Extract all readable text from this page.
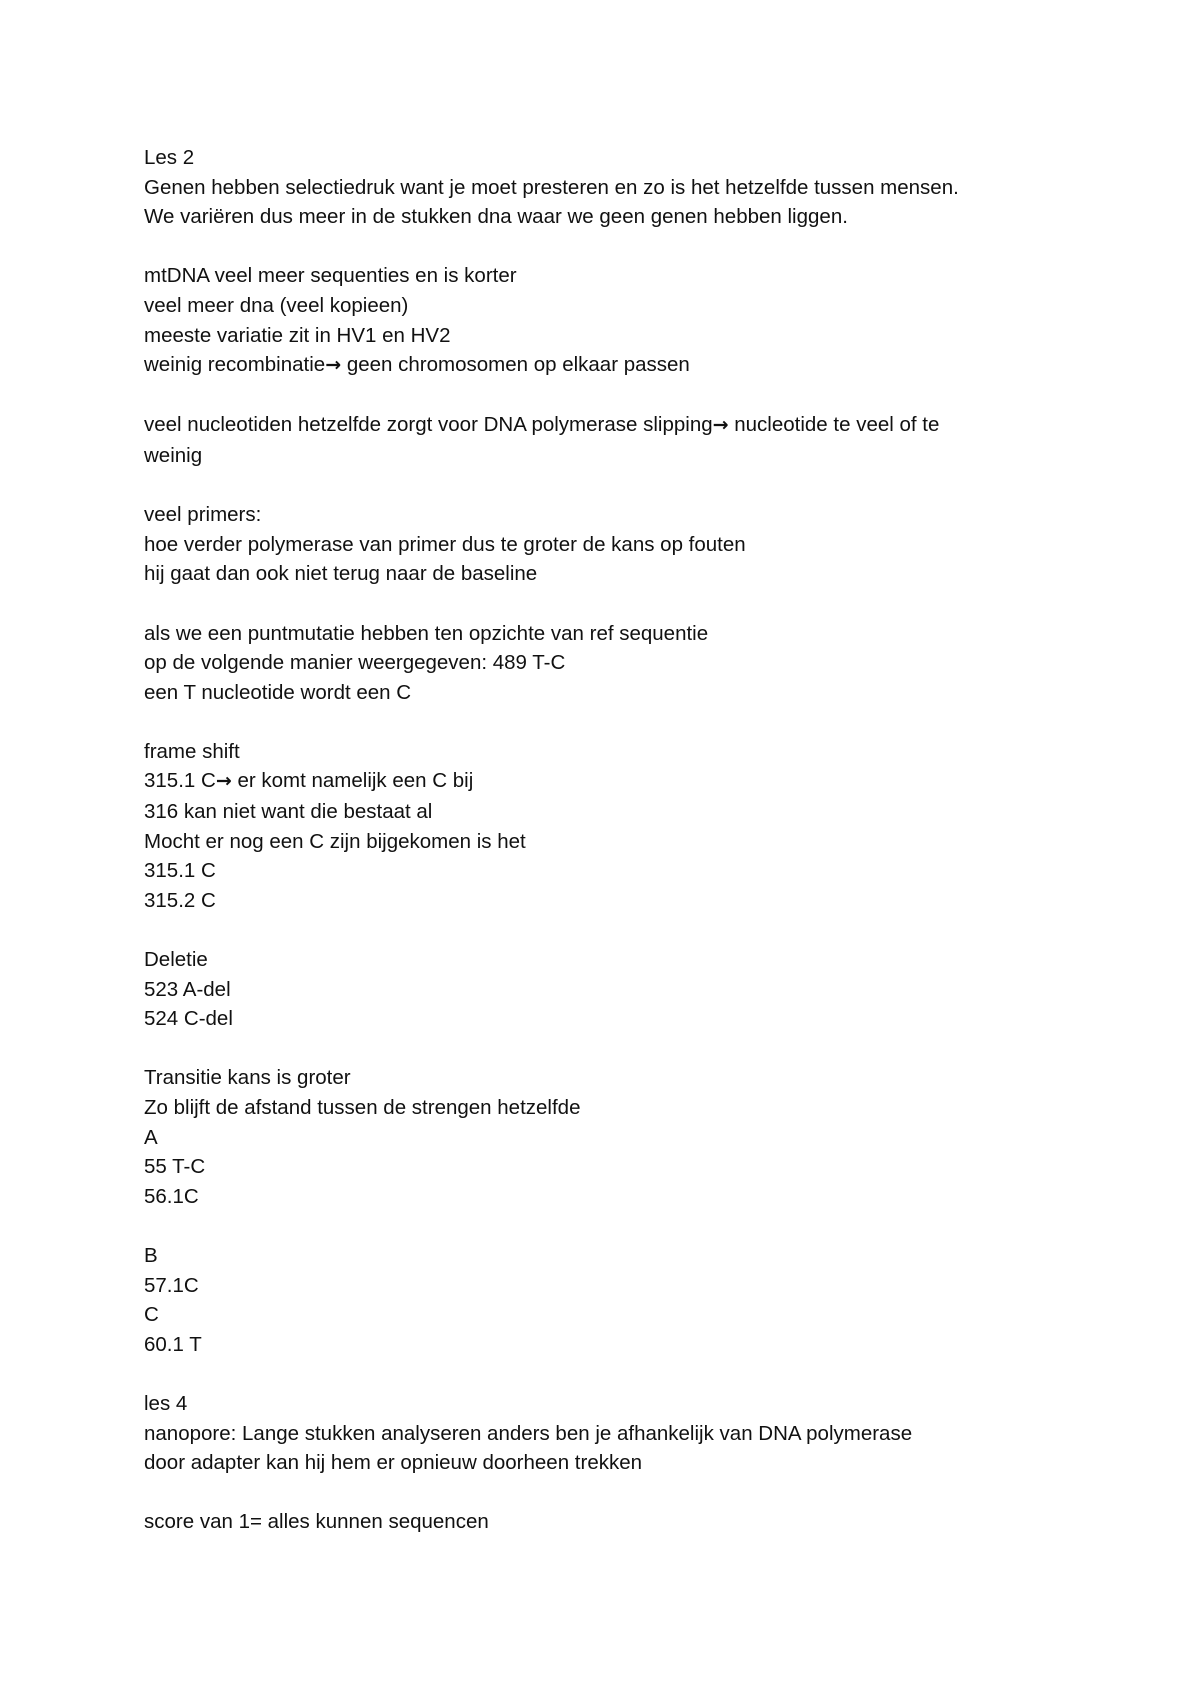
Les 2
Genen hebben selectiedruk want je moet presteren en zo is het hetzelfde tussen mensen.
We variëren dus meer in de stukken dna waar we geen genen hebben liggen.
mtDNA veel meer sequenties en is korter
veel meer dna (veel kopieen)
meeste variatie zit in HV1 en HV2
weinig recombinatie→ geen chromosomen op elkaar passen
veel nucleotiden hetzelfde zorgt voor DNA polymerase slipping→ nucleotide te veel of te
weinig
veel primers:
hoe verder polymerase van primer dus te groter de kans op fouten
hij gaat dan ook niet terug naar de baseline
als we een puntmutatie hebben ten opzichte van ref sequentie
op de volgende manier weergegeven: 489 T-C
een T nucleotide wordt een C
frame shift
315.1 C→ er komt namelijk een C bij
316 kan niet want die bestaat al
Mocht er nog een C zijn bijgekomen is het
315.1 C
315.2 C
Deletie
523 A-del
524 C-del
Transitie kans is groter
Zo blijft de afstand tussen de strengen hetzelfde
A
55 T-C
56.1C
B
57.1C
C
60.1 T
les 4
nanopore: Lange stukken analyseren anders ben je afhankelijk van DNA polymerase
door adapter kan hij hem er opnieuw doorheen trekken
score van 1= alles kunnen sequencen
